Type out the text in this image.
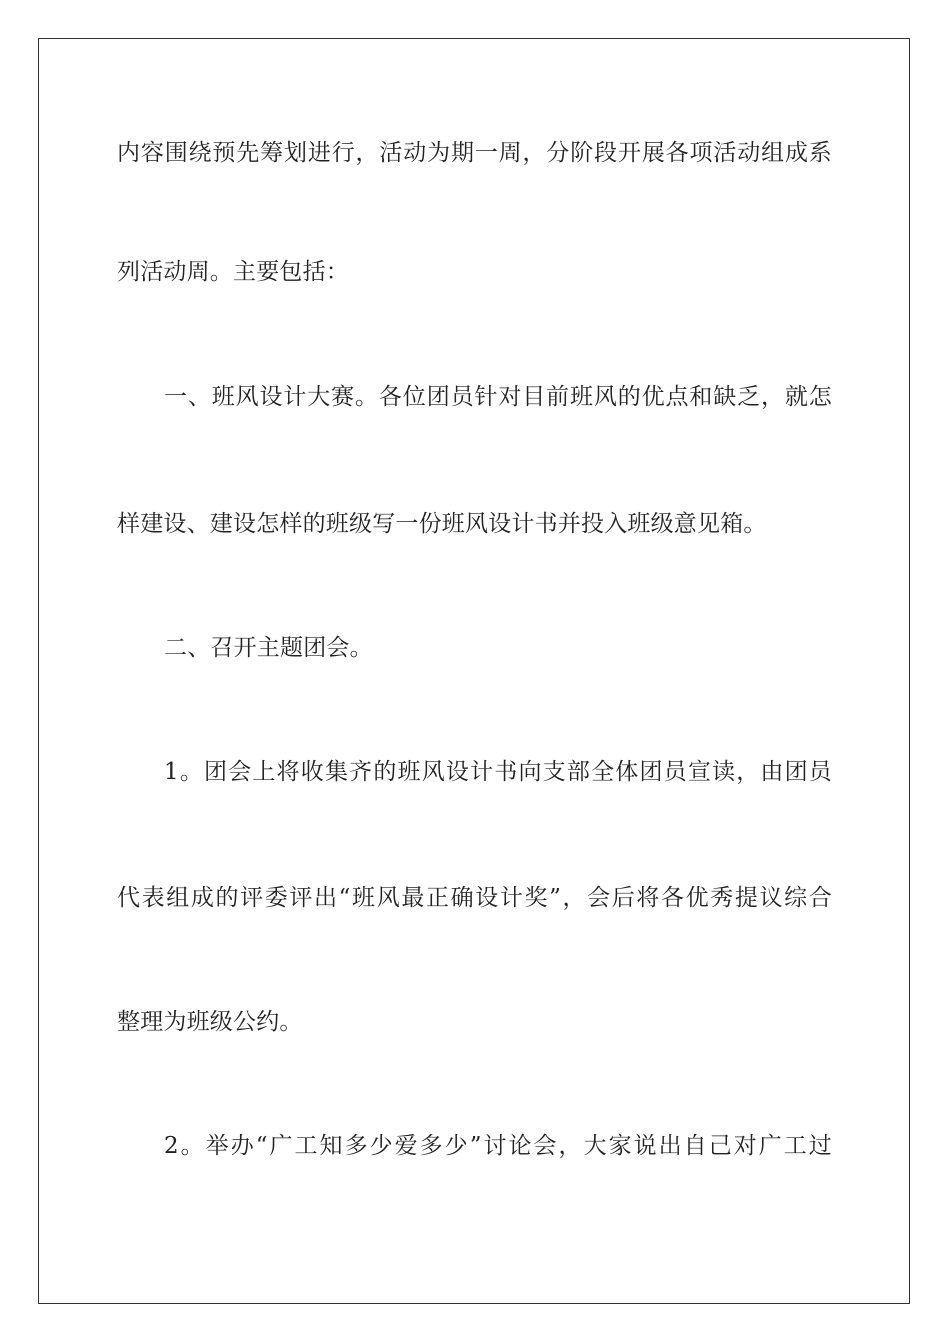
内容围绕预先筹划进行，活动为期一周，分阶段开展各项活动组成系
列活动周。主要包括：
一、班风设计大赛。各位团员针对目前班风的优点和缺乏，就怎
样建设、建设怎样的班级写一份班风设计书并投入班级意见箱。
二、召开主题团会。
1。团会上将收集齐的班风设计书向支部全体团员宣读，由团员
代表组成的评委评出“班风最正确设计奖”，会后将各优秀提议综合
整理为班级公约。
2。举办“广工知多少爱多少”讨论会，大家说出自己对广工过
